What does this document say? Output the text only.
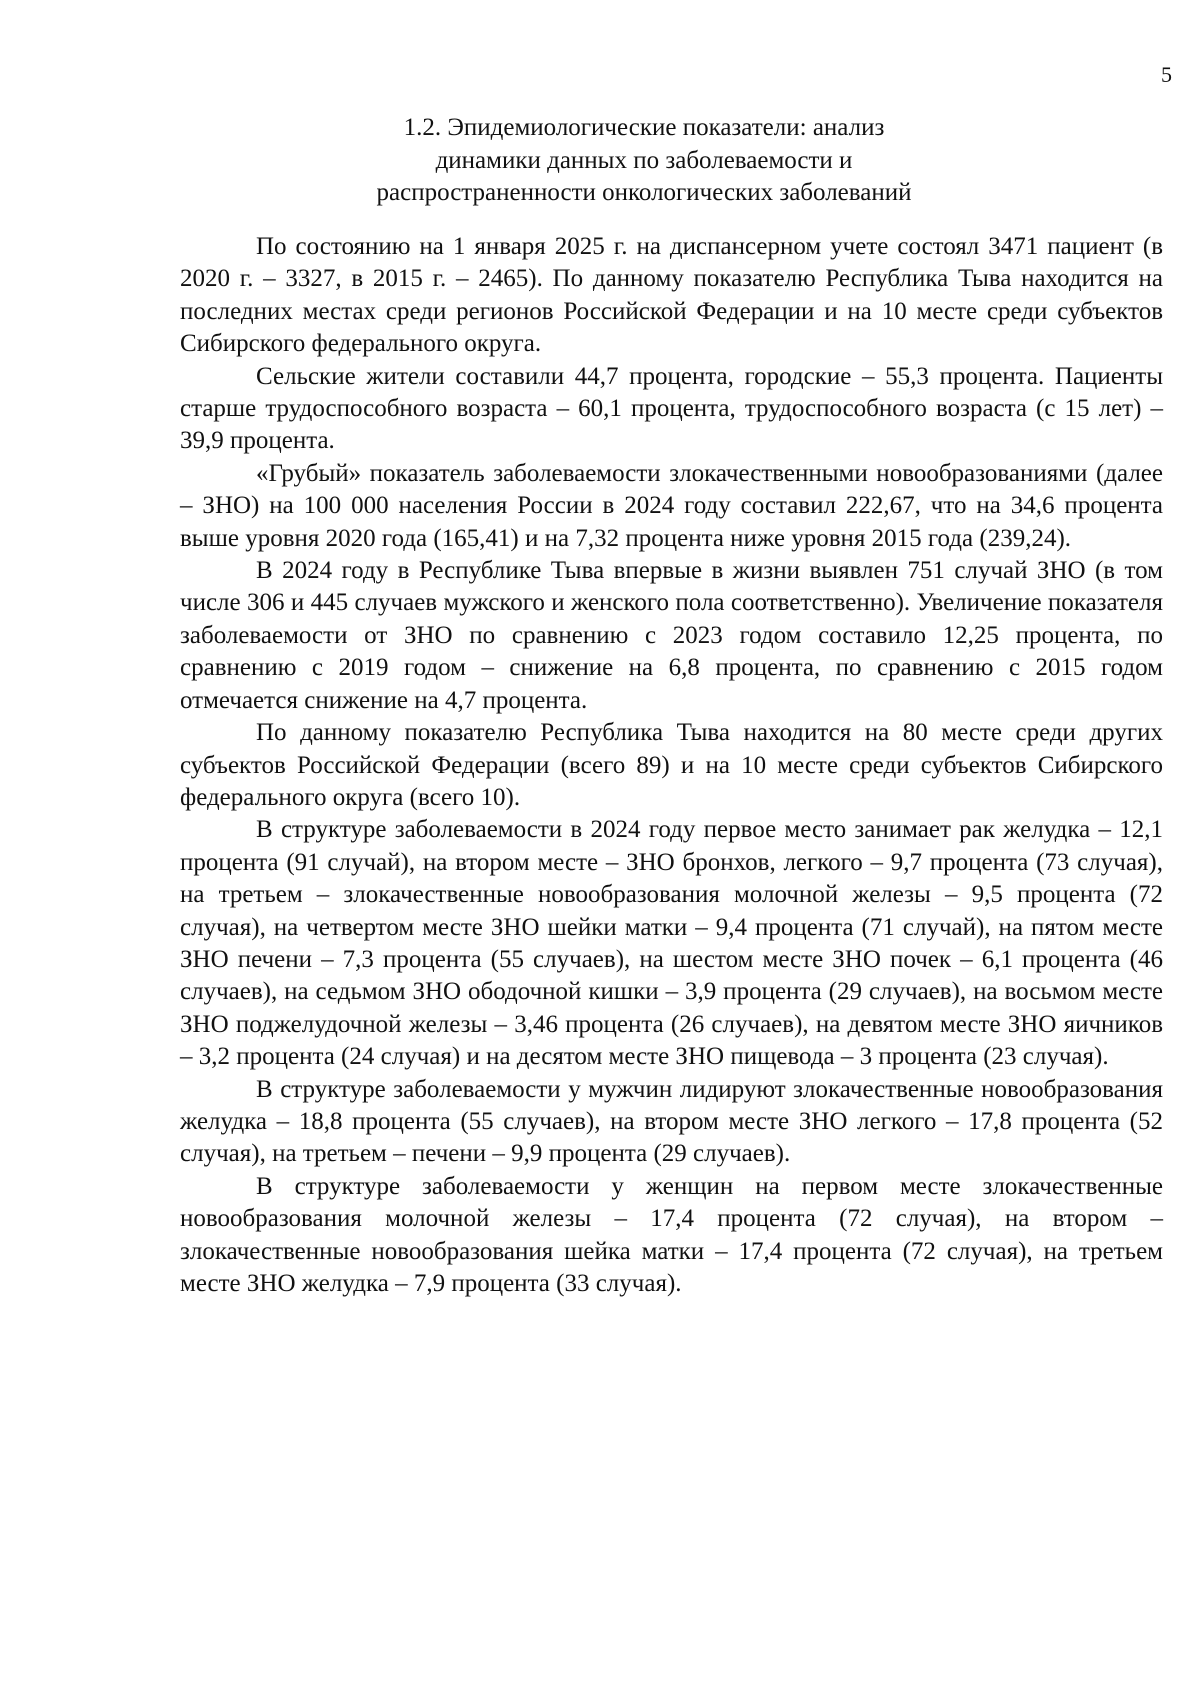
5
1.2. Эпидемиологические показатели: анализ
динамики данных по заболеваемости и
распространенности онкологических заболеваний

По состоянию на 1 января 2025 г. на диспансерном учете состоял 3471 пациент (в 2020 г. – 3327, в 2015 г. – 2465). По данному показателю Республика Тыва находится на последних местах среди регионов Российской Федерации и на 10 месте среди субъектов Сибирского федерального округа.

Сельские жители составили 44,7 процента, городские – 55,3 процента. Пациенты старше трудоспособного возраста – 60,1 процента, трудоспособного возраста (с 15 лет) – 39,9 процента.

«Грубый» показатель заболеваемости злокачественными новообразованиями (далее – ЗНО) на 100 000 населения России в 2024 году составил 222,67, что на 34,6 процента выше уровня 2020 года (165,41) и на 7,32 процента ниже уровня 2015 года (239,24).

В 2024 году в Республике Тыва впервые в жизни выявлен 751 случай ЗНО (в том числе 306 и 445 случаев мужского и женского пола соответственно). Увеличение показателя заболеваемости от ЗНО по сравнению с 2023 годом составило 12,25 процента, по сравнению с 2019 годом – снижение на 6,8 процента, по сравнению с 2015 годом отмечается снижение на 4,7 процента.

По данному показателю Республика Тыва находится на 80 месте среди других субъектов Российской Федерации (всего 89) и на 10 месте среди субъектов Сибирского федерального округа (всего 10).

В структуре заболеваемости в 2024 году первое место занимает рак желудка – 12,1 процента (91 случай), на втором месте – ЗНО бронхов, легкого – 9,7 процента (73 случая), на третьем – злокачественные новообразования молочной железы – 9,5 процента (72 случая), на четвертом месте ЗНО шейки матки – 9,4 процента (71 случай), на пятом месте ЗНО печени – 7,3 процента (55 случаев), на шестом месте ЗНО почек – 6,1 процента (46 случаев), на седьмом ЗНО ободочной кишки – 3,9 процента (29 случаев), на восьмом месте ЗНО поджелудочной железы – 3,46 процента (26 случаев), на девятом месте ЗНО яичников – 3,2 процента (24 случая) и на десятом месте ЗНО пищевода – 3 процента (23 случая).

В структуре заболеваемости у мужчин лидируют злокачественные новообразования желудка – 18,8 процента (55 случаев), на втором месте ЗНО легкого – 17,8 процента (52 случая), на третьем – печени – 9,9 процента (29 случаев).

В структуре заболеваемости у женщин на первом месте злокачественные новообразования молочной железы – 17,4 процента (72 случая), на втором – злокачественные новообразования шейка матки – 17,4 процента (72 случая), на третьем месте ЗНО желудка – 7,9 процента (33 случая).
